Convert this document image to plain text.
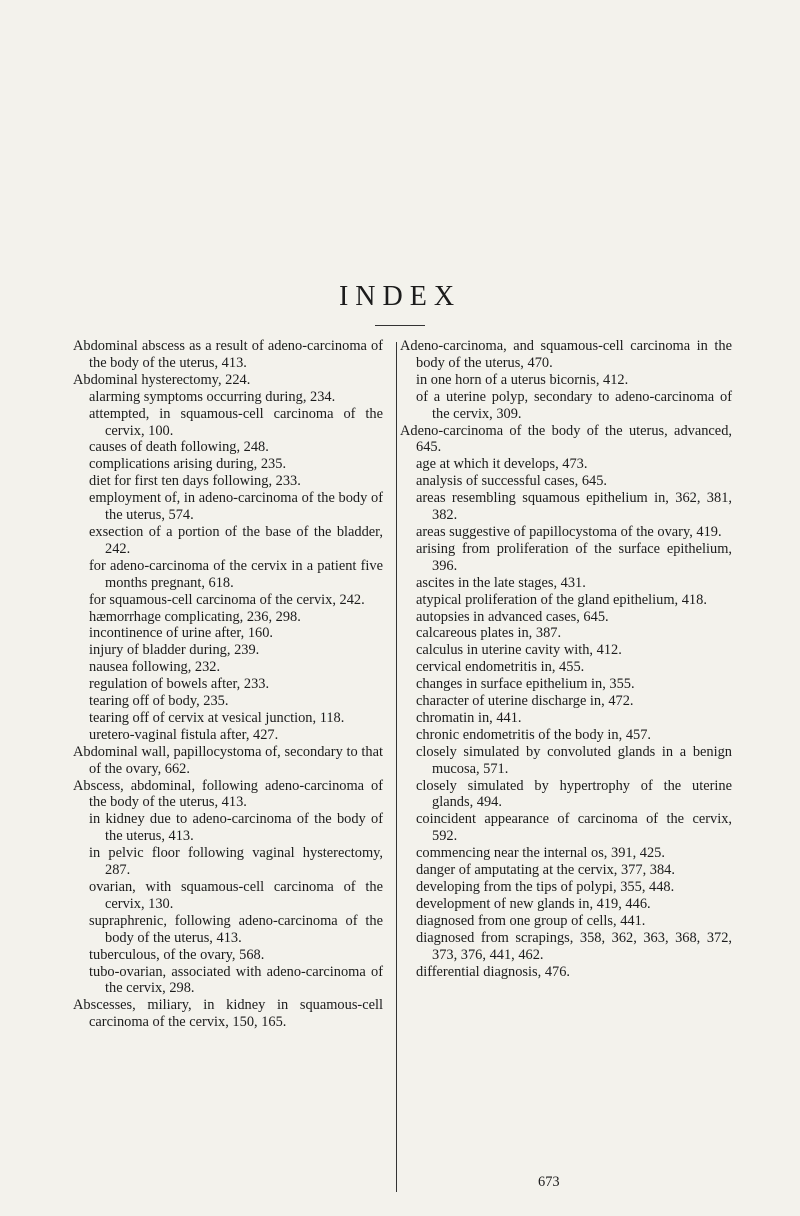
INDEX
Abdominal abscess as a result of adeno-carcinoma of the body of the uterus, 413.
Abdominal hysterectomy, 224.
alarming symptoms occurring during, 234.
attempted, in squamous-cell carcinoma of the cervix, 100.
causes of death following, 248.
complications arising during, 235.
diet for first ten days following, 233.
employment of, in adeno-carcinoma of the body of the uterus, 574.
exsection of a portion of the base of the bladder, 242.
for adeno-carcinoma of the cervix in a patient five months pregnant, 618.
for squamous-cell carcinoma of the cervix, 242.
hæmorrhage complicating, 236, 298.
incontinence of urine after, 160.
injury of bladder during, 239.
nausea following, 232.
regulation of bowels after, 233.
tearing off of body, 235.
tearing off of cervix at vesical junction, 118.
uretero-vaginal fistula after, 427.
Abdominal wall, papillocystoma of, secondary to that of the ovary, 662.
Abscess, abdominal, following adeno-carcinoma of the body of the uterus, 413.
in kidney due to adeno-carcinoma of the body of the uterus, 413.
in pelvic floor following vaginal hysterectomy, 287.
ovarian, with squamous-cell carcinoma of the cervix, 130.
supraphrenic, following adeno-carcinoma of the body of the uterus, 413.
tuberculous, of the ovary, 568.
tubo-ovarian, associated with adeno-carcinoma of the cervix, 298.
Abscesses, miliary, in kidney in squamous-cell carcinoma of the cervix, 150, 165.
Adeno-carcinoma, and squamous-cell carcinoma in the body of the uterus, 470.
in one horn of a uterus bicornis, 412.
of a uterine polyp, secondary to adeno-carcinoma of the cervix, 309.
Adeno-carcinoma of the body of the uterus, advanced, 645.
age at which it develops, 473.
analysis of successful cases, 645.
areas resembling squamous epithelium in, 362, 381, 382.
areas suggestive of papillocystoma of the ovary, 419.
arising from proliferation of the surface epithelium, 396.
ascites in the late stages, 431.
atypical proliferation of the gland epithelium, 418.
autopsies in advanced cases, 645.
calcareous plates in, 387.
calculus in uterine cavity with, 412.
cervical endometritis in, 455.
changes in surface epithelium in, 355.
character of uterine discharge in, 472.
chromatin in, 441.
chronic endometritis of the body in, 457.
closely simulated by convoluted glands in a benign mucosa, 571.
closely simulated by hypertrophy of the uterine glands, 494.
coincident appearance of carcinoma of the cervix, 592.
commencing near the internal os, 391, 425.
danger of amputating at the cervix, 377, 384.
developing from the tips of polypi, 355, 448.
development of new glands in, 419, 446.
diagnosed from one group of cells, 441.
diagnosed from scrapings, 358, 362, 363, 368, 372, 373, 376, 441, 462.
differential diagnosis, 476.
673
